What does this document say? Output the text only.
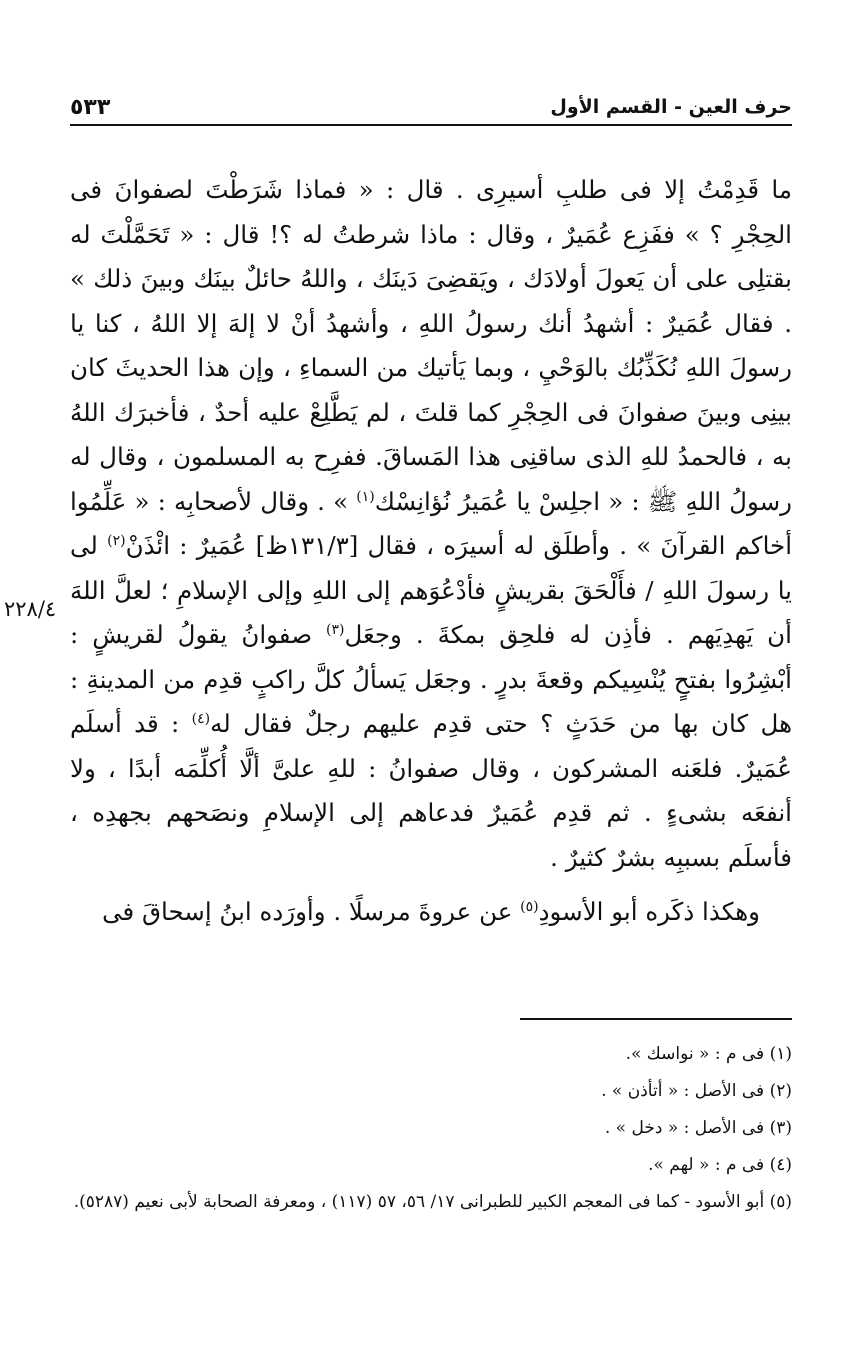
حرف العين - القسم الأول
٥٣٣

ما قَدِمْتُ إلا فى طلبِ أسيرِى . قال : « فماذا شَرَطْتَ لصفوانَ فى الحِجْرِ ؟ » ففَزِع عُمَيرٌ ، وقال : ماذا شرطتُ له ؟! قال : « تَحَمَّلْتَ له بقتلِى على أن يَعولَ أولادَك ، ويَقضِىَ دَينَك ، واللهُ حائلٌ بينَك وبينَ ذلك » . فقال عُمَيرٌ : أشهدُ أنك رسولُ اللهِ ، وأشهدُ أنْ لا إلهَ إلا اللهُ ، كنا يا رسولَ اللهِ نُكَذِّبُك بالوَحْيِ ، وبما يَأتيك من السماءِ ، وإن هذا الحديثَ كان بينِى وبينَ صفوانَ فى الحِجْرِ كما قلتَ ، لم يَطَّلِعْ عليه أحدٌ ، فأخبرَك اللهُ به ، فالحمدُ للهِ الذى ساقنِى هذا المَساقَ. ففرِح به المسلمون ، وقال له رسولُ اللهِ ﷺ : « اجلِسْ يا عُمَيرُ نُؤانِسْك$^{(١)}$ » . وقال لأصحابِه : « عَلِّمُوا أخاكم القرآنَ » . وأطلَق له أسيرَه ، فقال [١٣١/٣ظ] عُمَيرٌ : ائْذَنْ$^{(٢)}$ لى يا رسولَ اللهِ / فأَلْحَقَ بقريشٍ فأدْعُوَهم إلى اللهِ وإلى الإسلامِ ؛ لعلَّ اللهَ أن يَهدِيَهم . فأذِن له فلحِق بمكةَ . وجعَل$^{(٣)}$ صفوانُ يقولُ لقريشٍ : أبْشِرُوا بفتحٍ يُنْسِيكم وقعةَ بدرٍ . وجعَل يَسألُ كلَّ راكبٍ قدِم من المدينةِ : هل كان بها من حَدَثٍ ؟ حتى قدِم عليهم رجلٌ فقال له$^{(٤)}$ : قد أسلَم عُمَيرٌ. فلعَنه المشركون ، وقال صفوانُ : للهِ علىَّ ألَّا أُكلِّمَه أبدًا ، ولا أنفعَه بشىءٍ . ثم قدِم عُمَيرٌ فدعاهم إلى الإسلامِ ونصَحهم بجهدِه ، فأسلَم بسببِه بشرٌ كثيرٌ .

وهكذا ذكَره أبو الأسودِ$^{(٥)}$ عن عروةَ مرسلًا . وأورَده ابنُ إسحاقَ فى

٢٢٨/٤
(١) فى م : « نواسك ».
(٢) فى الأصل : « أتأذن » .
(٣) فى الأصل : « دخل » .
(٤) فى م : « لهم ».
(٥) أبو الأسود - كما فى المعجم الكبير للطبرانى ١٧/ ٥٦، ٥٧ (١١٧) ، ومعرفة الصحابة لأبى نعيم (٥٢٨٧).
